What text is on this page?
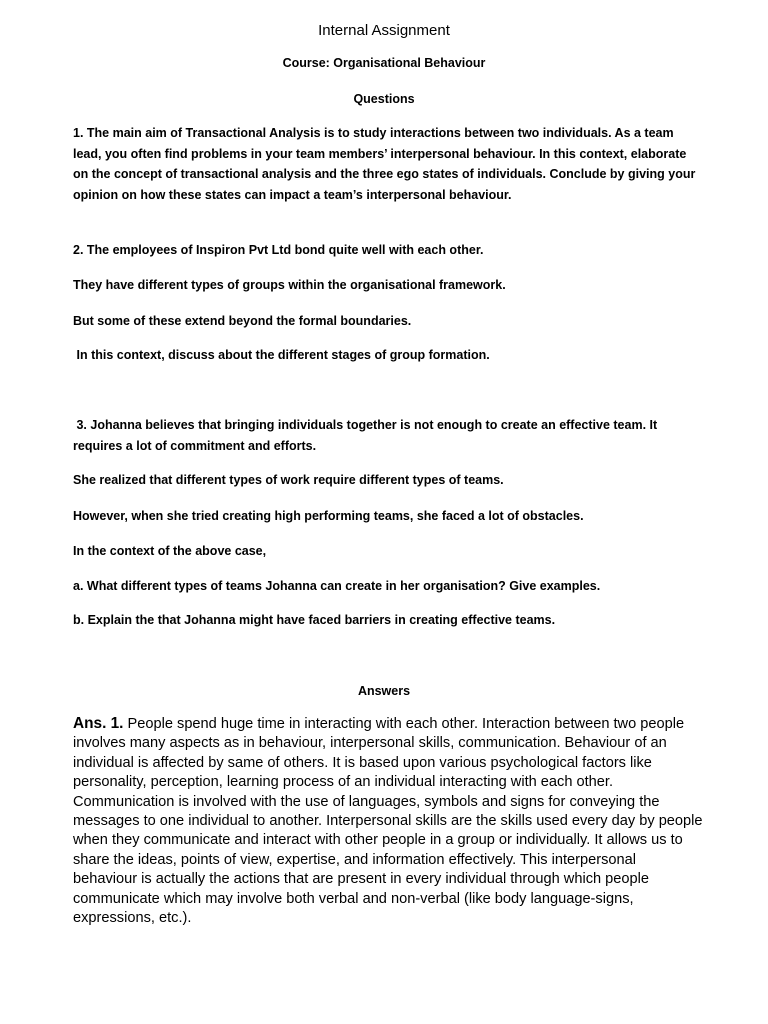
Internal Assignment

Course: Organisational Behaviour

Questions

1. The main aim of Transactional Analysis is to study interactions between two individuals. As a team lead, you often find problems in your team members’ interpersonal behaviour. In this context, elaborate on the concept of transactional analysis and the three ego states of individuals. Conclude by giving your opinion on how these states can impact a team’s interpersonal behaviour.

2. The employees of Inspiron Pvt Ltd bond quite well with each other.

They have different types of groups within the organisational framework.

But some of these extend beyond the formal boundaries.

In this context, discuss about the different stages of group formation.

3. Johanna believes that bringing individuals together is not enough to create an effective team. It requires a lot of commitment and efforts.

She realized that different types of work require different types of teams.

However, when she tried creating high performing teams, she faced a lot of obstacles.

In the context of the above case,

a. What different types of teams Johanna can create in her organisation? Give examples.

b. Explain the that Johanna might have faced barriers in creating effective teams.

Answers

Ans. 1. People spend huge time in interacting with each other. Interaction between two people involves many aspects as in behaviour, interpersonal skills, communication. Behaviour of an individual is affected by same of others. It is based upon various psychological factors like personality, perception, learning process of an individual interacting with each other. Communication is involved with the use of languages, symbols and signs for conveying the messages to one individual to another. Interpersonal skills are the skills used every day by people when they communicate and interact with other people in a group or individually. It allows us to share the ideas, points of view, expertise, and information effectively. This interpersonal behaviour is actually the actions that are present in every individual through which people communicate which may involve both verbal and non-verbal (like body language-signs, expressions, etc.).
